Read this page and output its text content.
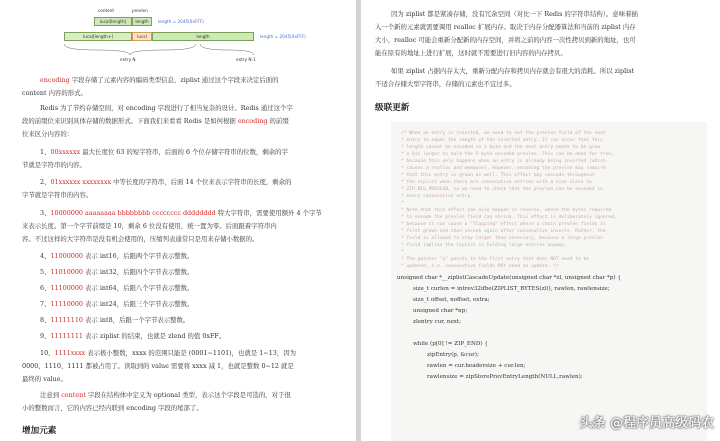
content	prevlen
lucal[length]	length	length = 2045(0xFFF)
lucal[length+]	lucsl	length	length = 2045(0xFFF)
entry N	entry N-1
encoding 字段存储了元素内容的编码类型信息，ziplist 通过这个字段来决定后面的
content 内容的形式。
Redis 为了节约存储空间，对 encoding 字段进行了相当复杂的设计。Redis 通过这个字
段的前缀位来识别具体存储的数据形式。下面我们来看看 Redis 是如何根据 encoding 的前缀
位来区分内容的：
1、00xxxxxx 最大长度位 63 的短字符串，后面的 6 个位存储字符串的位数，剩余的字
节就是字符串的内容。
2、01xxxxxx xxxxxxxx 中等长度的字符串，后面 14 个位来表示字符串的长度，剩余的
字节就是字符串的内容。
3、10000000 aaaaaaaa bbbbbbbb cccccccc dddddddd 特大字符串，需要使用额外 4 个字节
来表示长度。第一个字节前缀是 10，剩余 6 位没有使用，统一置为零。后面跟着字符串内
容。不过这样的大字符串是没有机会使用的，压缩列表通常只是用来存储小数据的。
4、11000000 表示 int16，后跟两个字节表示整数。
5、11010000 表示 int32，后跟四个字节表示整数。
6、11100000 表示 int64，后跟八个字节表示整数。
7、11110000 表示 int24，后跟三个字节表示整数。
8、11111110 表示 int8，后跟一个字节表示整数。
9、11111111 表示 ziplist 的结束，也就是 zlend 的值 0xFF。
10、1111xxxx 表示极小整数，xxxx 的范围只能是 (0001~1101)，也就是 1~13，因为
0000、1110、1111 都被占用了。读取到的 value 需要将 xxxx 减 1，也就是整数 0~12 就是
最终的 value。
注意到 content 字段在结构体中定义为 optional 类型，表示这个字段是可选的，对于很
小的整数而言，它的内容已经内联到 encoding 字段的尾部了。
增加元素
因为 ziplist 都是紧凑存储，没有冗余空间（对比一下 Redis 的字符串结构）。意味着插
入一个新的元素就需要调用 realloc 扩展内存。取决于内存分配器算法和当前的 ziplist 内存
大小，realloc 可能会重新分配新的内存空间，并将之前的内容一次性拷贝到新的地址，也可
能在原有的地址上进行扩展，这时就不需要进行旧内容的内存拷贝。
如果 ziplist 占据内存太大，重新分配内存和拷贝内存就会有很大的消耗。所以 ziplist
不适合存储大型字符串，存储的元素也不宜过多。
级联更新
/* When an entry is inserted, we need to set the prevlen field of the next
* entry to equal the length of the inserted entry. It can occur that this
* length cannot be encoded in 1 byte and the next entry needs to be grow
* a bit larger to hold the 5-byte encoded prevlen. This can be done for free,
* because this only happens when an entry is already being inserted (which
* causes a realloc and memmove). However, encoding the prevlen may require
* that this entry is grown as well. This effect may cascade throughout
* the ziplist when there are consecutive entries with a size close to
* ZIP_BIG_PREVLEN, so we need to check that the prevlen can be encoded in
* every consecutive entry.
*
* Note that this effect can also happen in reverse, where the bytes required
* to encode the prevlen field can shrink. This effect is deliberately ignored,
* because it can cause a "flapping" effect where a chain prevlen fields is
* first grown and then shrunk again after consecutive inserts. Rather, the
* field is allowed to stay larger than necessary, because a large prevlen
* field implies the ziplist is holding large entries anyway.
*
* The pointer "p" points to the first entry that does NOT need to be
* updated, i.e. consecutive fields MAY need an update. */
unsigned char *__ziplistCascadeUpdate(unsigned char *zl, unsigned char *p) {
size_t curlen = intrev32ifbe(ZIPLIST_BYTES(zl)), rawlen, rawlensize;
size_t offset, noffset, extra;
unsigned char *np;
zlentry cur, next;
while (p[0] != ZIP_END) {
zipEntry(p, &cur);
rawlen = cur.headersize + cur.len;
rawlensize = zipStorePrevEntryLength(NULL,rawlen);
头条 @程序员高级码农
